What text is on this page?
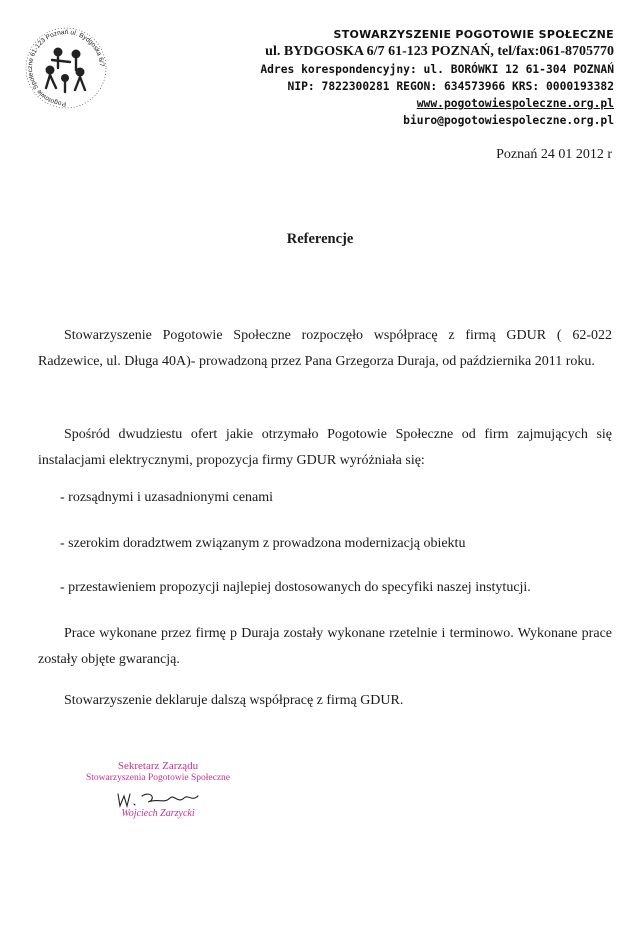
Pogotowie Społeczne 61-123 Poznań ul. Bydgoska 6/7
STOWARZYSZENIE POGOTOWIE SPOŁECZNE
ul. BYDGOSKA 6/7 61-123 POZNAŃ, tel/fax:061-8705770
Adres korespondencyjny: ul. BORÓWKI 12 61-304 POZNAŃ
NIP: 7822300281 REGON: 634573966 KRS: 0000193382
www.pogotowiespoleczne.org.pl
biuro@pogotowiespoleczne.org.pl
Poznań 24 01 2012 r
Referencje
Stowarzyszenie Pogotowie Społeczne rozpoczęło współpracę z firmą GDUR ( 62-022 Radzewice, ul. Długa 40A)- prowadzoną przez Pana Grzegorza Duraja, od października 2011 roku.
Spośród dwudziestu ofert jakie otrzymało Pogotowie Społeczne od firm zajmujących się instalacjami elektrycznymi, propozycja firmy GDUR wyróżniała się:
- rozsądnymi i uzasadnionymi cenami
- szerokim doradztwem związanym z prowadzona modernizacją obiektu
- przestawieniem propozycji najlepiej dostosowanych do specyfiki naszej instytucji.
Prace wykonane przez firmę p Duraja zostały wykonane rzetelnie i terminowo. Wykonane prace zostały objęte gwarancją.
Stowarzyszenie deklaruje dalszą współpracę z firmą GDUR.
Sekretarz Zarządu
Stowarzyszenia Pogotowie Społeczne
Wojciech Zarzycki
